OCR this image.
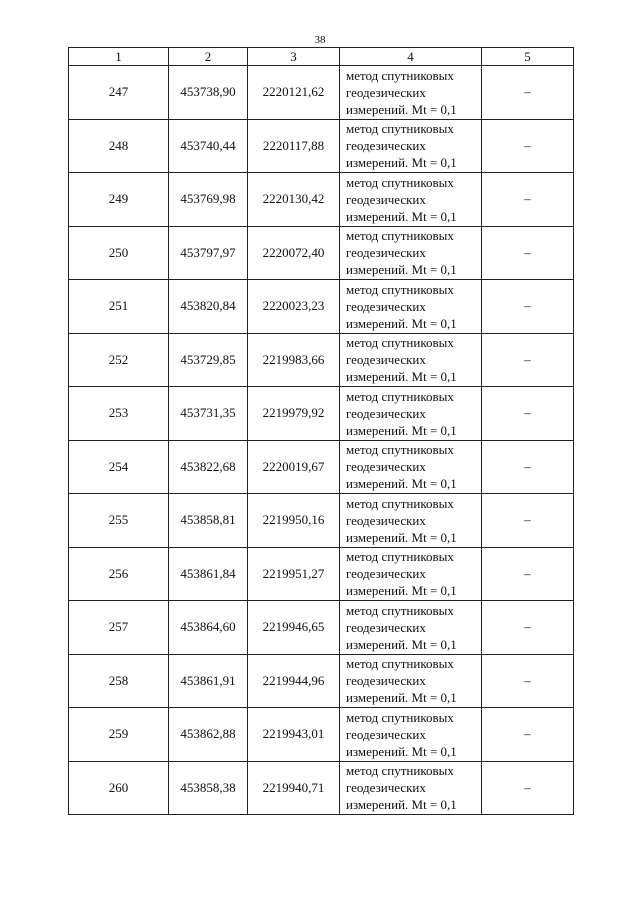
38
1	2	3	4	5
247	453738,90	2220121,62	метод спутниковых
геодезических
измерений. Mt = 0,1	–
248	453740,44	2220117,88	метод спутниковых
геодезических
измерений. Mt = 0,1	–
249	453769,98	2220130,42	метод спутниковых
геодезических
измерений. Mt = 0,1	–
250	453797,97	2220072,40	метод спутниковых
геодезических
измерений. Mt = 0,1	–
251	453820,84	2220023,23	метод спутниковых
геодезических
измерений. Mt = 0,1	–
252	453729,85	2219983,66	метод спутниковых
геодезических
измерений. Mt = 0,1	–
253	453731,35	2219979,92	метод спутниковых
геодезических
измерений. Mt = 0,1	–
254	453822,68	2220019,67	метод спутниковых
геодезических
измерений. Mt = 0,1	–
255	453858,81	2219950,16	метод спутниковых
геодезических
измерений. Mt = 0,1	–
256	453861,84	2219951,27	метод спутниковых
геодезических
измерений. Mt = 0,1	–
257	453864,60	2219946,65	метод спутниковых
геодезических
измерений. Mt = 0,1	–
258	453861,91	2219944,96	метод спутниковых
геодезических
измерений. Mt = 0,1	–
259	453862,88	2219943,01	метод спутниковых
геодезических
измерений. Mt = 0,1	–
260	453858,38	2219940,71	метод спутниковых
геодезических
измерений. Mt = 0,1	–
